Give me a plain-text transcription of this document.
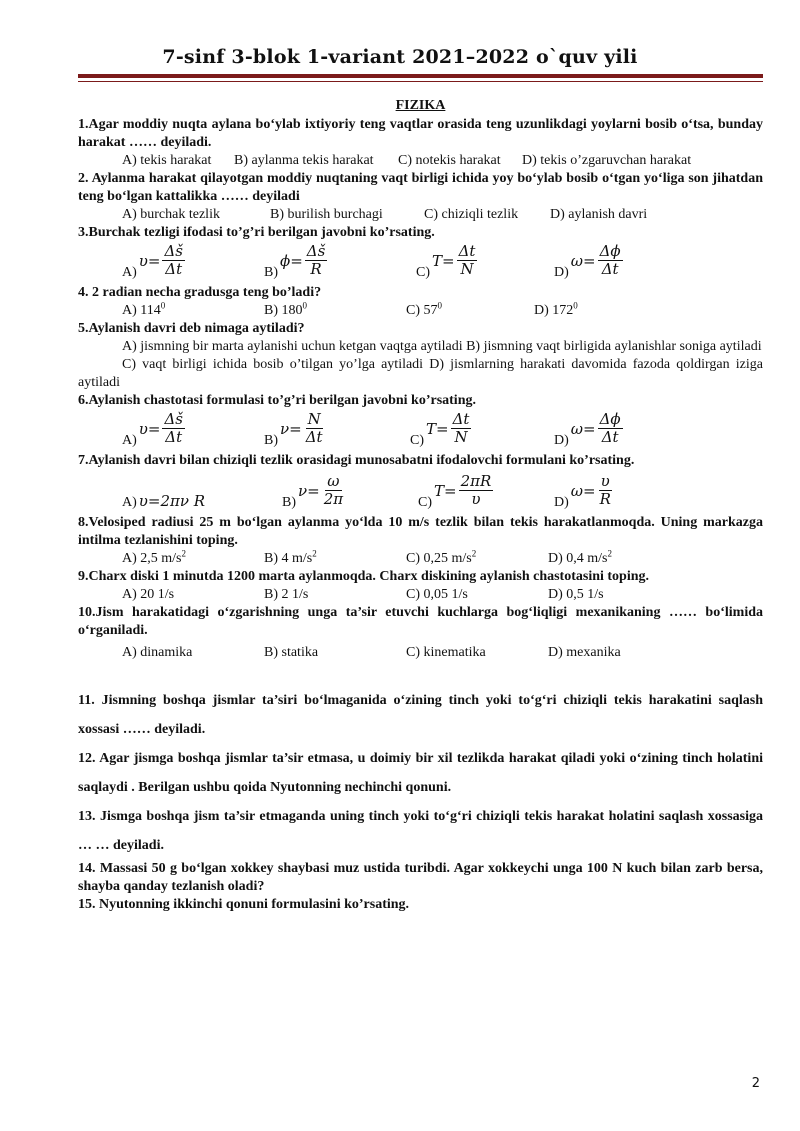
7-sinf 3-blok 1-variant 2021–2022 o`quv yili
FIZIKA
1.Agar moddiy nuqta aylana bo‘ylab ixtiyoriy teng vaqtlar orasida teng uzunlikdagi yoylarni bosib o‘tsa, bunday harakat …… deyiladi.
A) tekis harakat	B) aylanma tekis harakat	C) notekis harakat	D) tekis o’zgaruvchan harakat
2. Aylanma harakat qilayotgan moddiy nuqtaning vaqt birligi ichida yoy bo‘ylab bosib o‘tgan yo‘liga son jihatdan teng bo‘lgan kattalikka …… deyiladi
A) burchak tezlik	B) burilish burchagi	C) chiziqli tezlik	D) aylanish davri
3.Burchak tezligi ifodasi to’g’ri berilgan javobni ko’rsating.
A)
$\upsilon= \frac{\Delta š}{\Delta t}$	B)
$\phi= \frac{\Delta š}{R}$	C)
$T= \frac{\Delta t}{N}$	D)
$\omega= \frac{\Delta\phi}{\Delta t}$
4. 2 radian necha gradusga teng bo’ladi?
A) $114^0$	B) $180^0$	C) $57^0$	D) $172^0$
5.Aylanish davri deb nimaga aytiladi?
A) jismning bir marta aylanishi uchun ketgan vaqtga aytiladi B) jismning vaqt birligida aylanishlar soniga aytiladi
C) vaqt birligi ichida bosib o’tilgan yo’lga aytiladi D) jismlarning harakati davomida fazoda qoldirgan iziga aytiladi
6.Aylanish chastotasi formulasi to’g’ri berilgan javobni ko’rsating.
A)
$\upsilon= \frac{\Delta š}{\Delta t}$	B)
$\nu= \frac{N}{\Delta t}$	C)
$T= \frac{\Delta t}{N}$	D)
$\omega= \frac{\Delta\phi}{\Delta t}$
7.Aylanish davri bilan chiziqli tezlik orasidagi munosabatni ifodalovchi formulani ko’rsating.
A) υ=2πν R	B)
$\nu= \frac{\omega}{2\pi}$	C)
$T= \frac{2\pi R}{\upsilon}$	D)
$\omega= \frac{\upsilon}{R}$
8.Velosiped radiusi 25 m bo‘lgan aylanma yo‘lda 10 m/s tezlik bilan tekis harakatlanmoqda. Uning markazga intilma tezlanishini toping.
A) 2,5 $m/s^2$	B) 4 $m/s^2$	C) 0,25 $m/s^2$	D) 0,4 $m/s^2$
9.Charx diski 1 minutda 1200 marta aylanmoqda. Charx diskining aylanish chastotasini toping.
A) 20 1/s	B) 2 1/s	C) 0,05 1/s	D) 0,5 1/s
10.Jism harakatidagi o‘zgarishning unga ta’sir etuvchi kuchlarga bog‘liqligi mexanikaning …… bo‘limida o‘rganiladi.
A) dinamika	B) statika	C) kinematika	D) mexanika
11. Jismning boshqa jismlar ta’siri bo‘lmaganida o‘zining tinch yoki to‘g‘ri chiziqli tekis harakatini saqlash xossasi …… deyiladi.
12. Agar jismga boshqa jismlar ta’sir etmasa, u doimiy bir xil tezlikda harakat qiladi yoki o‘zining tinch holatini saqlaydi . Berilgan ushbu qoida Nyutonning nechinchi qonuni.
13. Jismga boshqa jism ta’sir etmaganda uning tinch yoki to‘g‘ri chiziqli tekis harakat holatini saqlash xossasiga … … deyiladi.
14. Massasi 50 g bo‘lgan xokkey shaybasi muz ustida turibdi. Agar xokkeychi unga 100 N kuch bilan zarb bersa, shayba qanday tezlanish oladi?
15. Nyutonning ikkinchi qonuni formulasini ko’rsating.
2
